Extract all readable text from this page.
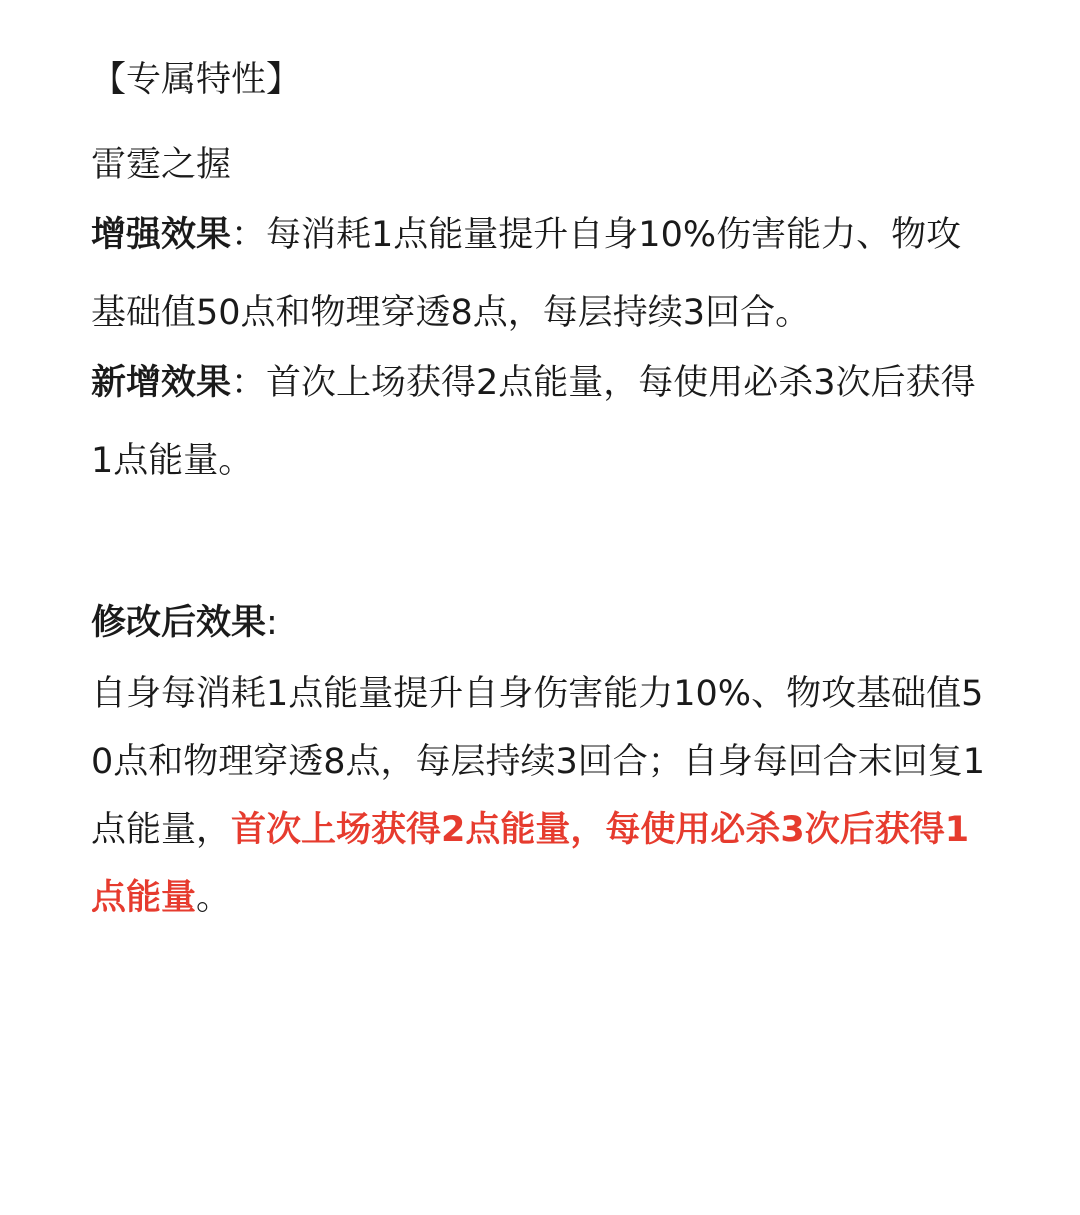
【专属特性】
雷霆之握
增强效果：每消耗1点能量提升自身10%伤害能力、物攻基础值50点和物理穿透8点，每层持续3回合。
新增效果：首次上场获得2点能量，每使用必杀3次后获得1点能量。
修改后效果:
自身每消耗1点能量提升自身伤害能力10%、物攻基础值50点和物理穿透8点，每层持续3回合；自身每回合末回复1点能量，首次上场获得2点能量，每使用必杀3次后获得1点能量。
